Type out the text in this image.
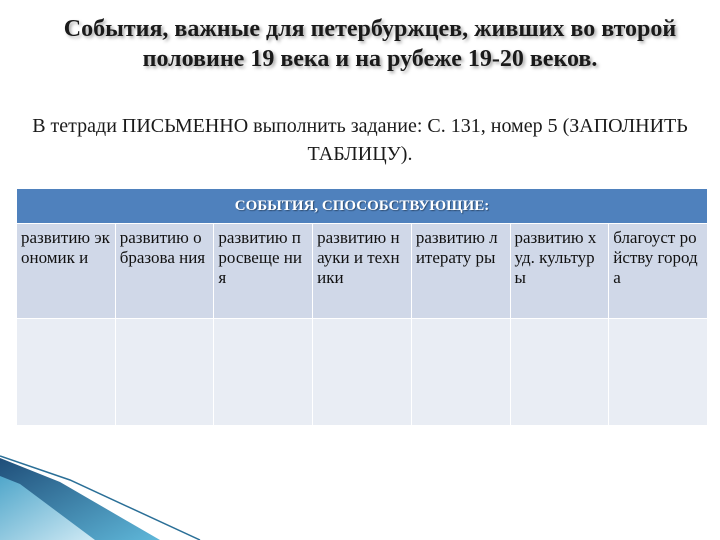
События, важные для петербуржцев, живших во второй половине 19 века и на рубеже 19-20 веков.
В тетради ПИСЬМЕННО выполнить задание: С. 131, номер 5 (ЗАПОЛНИТЬ ТАБЛИЦУ).
СОБЫТИЯ, СПОСОБСТВУЮЩИЕ:						
развитию экономик и	развитию образова ния	развитию просвеще ния	развитию науки и техники	развитию литерату ры	развитию худ. культуры	благоуст ройству города
